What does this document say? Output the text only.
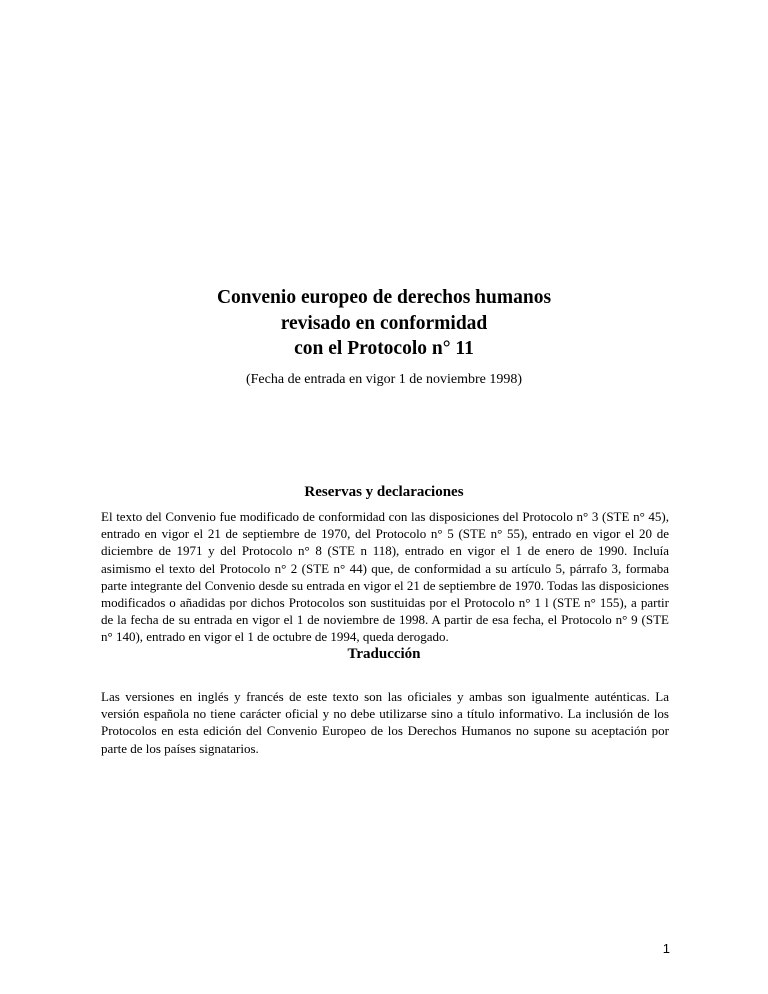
Convenio europeo de derechos humanos
revisado en conformidad
con el Protocolo n° 11
(Fecha de entrada en vigor 1 de noviembre 1998)
Reservas y declaraciones
El texto del Convenio fue modificado de conformidad con las disposiciones del Protocolo n° 3 (STE n° 45), entrado en vigor el 21 de septiembre de 1970, del Protocolo n° 5 (STE n° 55), entrado en vigor el 20 de diciembre de 1971 y del Protocolo n° 8 (STE n 118), entrado en vigor el 1 de enero de 1990. Incluía asimismo el texto del Protocolo n° 2 (STE n° 44) que, de conformidad a su artículo 5, párrafo 3, formaba parte integrante del Convenio desde su entrada en vigor el 21 de septiembre de 1970. Todas las disposiciones modificados o añadidas por dichos Protocolos son sustituidas por el Protocolo n° 1 l (STE n° 155), a partir de la fecha de su entrada en vigor el 1 de noviembre de 1998. A partir de esa fecha, el Protocolo n° 9 (STE n° 140), entrado en vigor el 1 de octubre de 1994, queda derogado.
Traducción
Las versiones en inglés y francés de este texto son las oficiales y ambas son igualmente auténticas. La versión española no tiene carácter oficial y no debe utilizarse sino a título informativo. La inclusión de los Protocolos en esta edición del Convenio Europeo de los Derechos Humanos no supone su aceptación por parte de los países signatarios.
1
